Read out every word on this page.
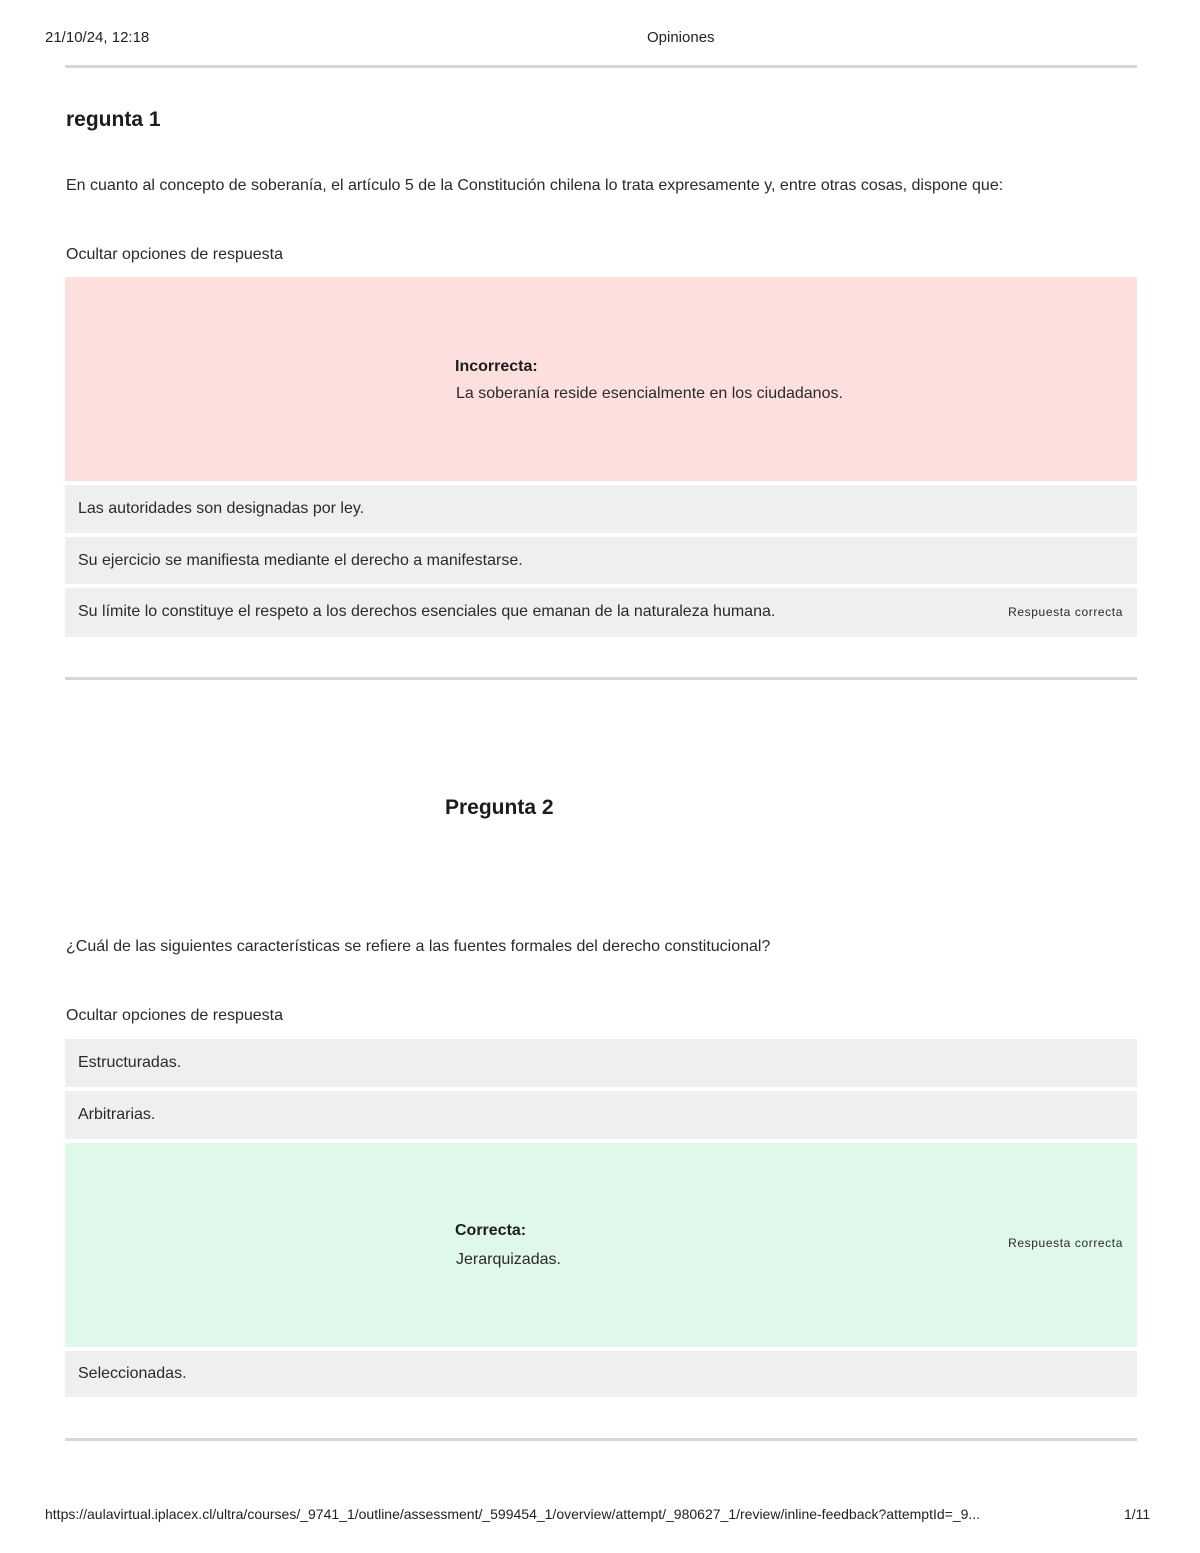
21/10/24, 12:18	Opiniones
regunta 1
En cuanto al concepto de soberanía, el artículo 5 de la Constitución chilena lo trata expresamente y, entre otras cosas, dispone que:
Ocultar opciones de respuesta
Incorrecta:
La soberanía reside esencialmente en los ciudadanos.
Las autoridades son designadas por ley.
Su ejercicio se manifiesta mediante el derecho a manifestarse.
Su límite lo constituye el respeto a los derechos esenciales que emanan de la naturaleza humana.	Respuesta correcta
Pregunta 2
¿Cuál de las siguientes características se refiere a las fuentes formales del derecho constitucional?
Ocultar opciones de respuesta
Estructuradas.
Arbitrarias.
Correcta:
Jerarquizadas.
Respuesta correcta
Seleccionadas.
https://aulavirtual.iplacex.cl/ultra/courses/_9741_1/outline/assessment/_599454_1/overview/attempt/_980627_1/review/inline-feedback?attemptId=_9...	1/11
